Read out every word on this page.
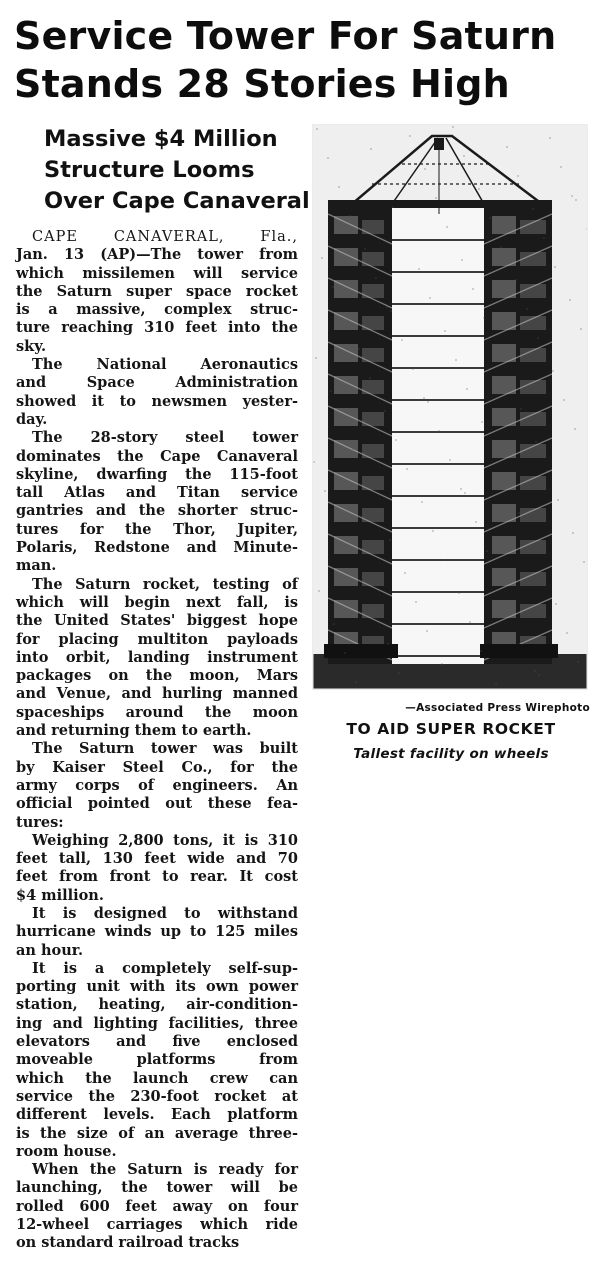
Service Tower For Saturn
Stands 28 Stories High
Massive $4 Million
Structure Looms
Over Cape Canaveral
CAPE CANAVERAL, Fla.,
Jan. 13 (AP)—The tower from
which missilemen will service
the Saturn super space rocket
is a massive, complex struc-
ture reaching 310 feet into the
sky.
The National Aeronautics
and Space Administration
showed it to newsmen yester-
day.
The 28-story steel tower
dominates the Cape Canaveral
skyline, dwarfing the 115-foot
tall Atlas and Titan service
gantries and the shorter struc-
tures for the Thor, Jupiter,
Polaris, Redstone and Minute-
man.
The Saturn rocket, testing of
which will begin next fall, is
the United States' biggest hope
for placing multiton payloads
into orbit, landing instrument
packages on the moon, Mars
and Venue, and hurling manned
spaceships around the moon
and returning them to earth.
The Saturn tower was built
by Kaiser Steel Co., for the
army corps of engineers. An
official pointed out these fea-
tures:
Weighing 2,800 tons, it is 310
feet tall, 130 feet wide and 70
feet from front to rear. It cost
$4 million.
It is designed to withstand
hurricane winds up to 125 miles
an hour.
It is a completely self-sup-
porting unit with its own power
station, heating, air-condition-
ing and lighting facilities, three
elevators and five enclosed
moveable platforms from
which the launch crew can
service the 230-foot rocket at
different levels. Each platform
is the size of an average three-
room house.
When the Saturn is ready for
launching, the tower will be
rolled 600 feet away on four
12-wheel carriages which ride
on standard railroad tracks
—Associated Press Wirephoto
TO AID SUPER ROCKET
Tallest facility on wheels
